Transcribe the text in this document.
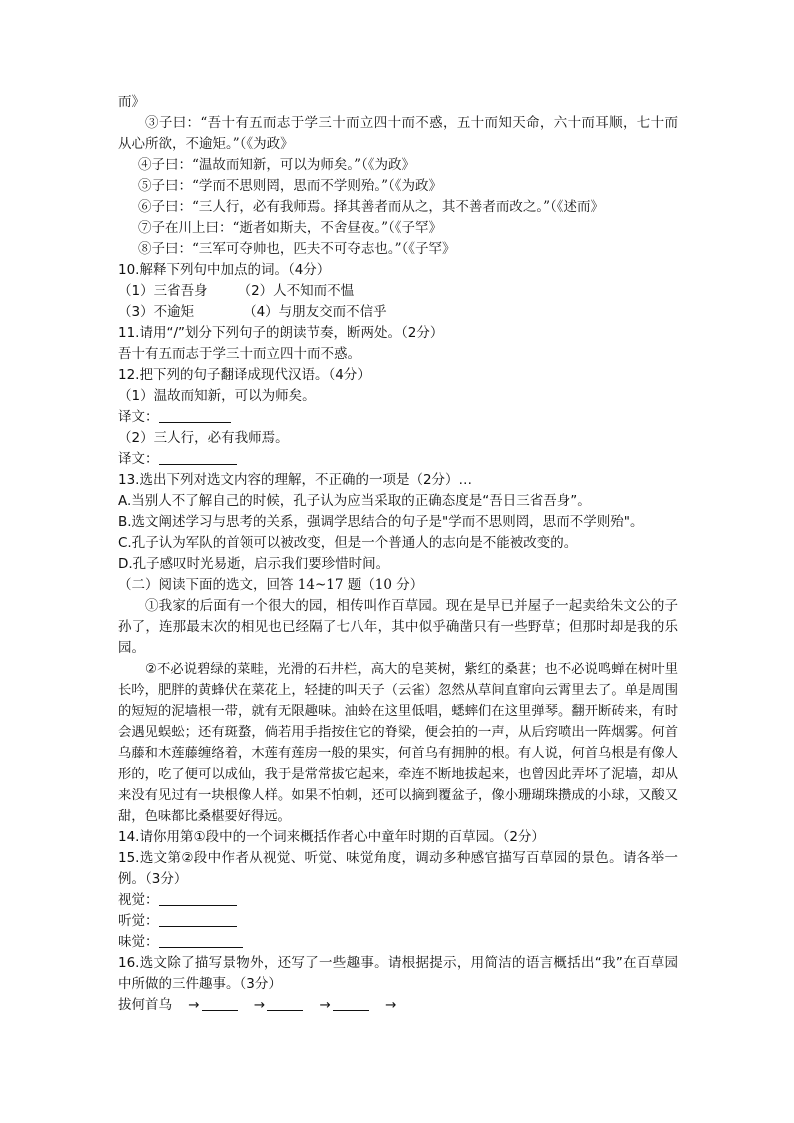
而》
③子曰：“吾十有五而志于学三十而立四十而不惑，五十而知天命，六十而耳顺，七十而从心所欲，不逾矩。”（《为政》
④子曰：“温故而知新，可以为师矣。”（《为政》
⑤子曰：“学而不思则罔，思而不学则殆。”（《为政》
⑥子曰：“三人行，必有我师焉。择其善者而从之，其不善者而改之。”（《述而》
⑦子在川上曰：“逝者如斯夫，不舍昼夜。”（《子罕》
⑧子曰：“三军可夺帅也，匹夫不可夺志也。”（《子罕》
10.解释下列句中加点的词。（4分）
（1）三省吾身 （2）人不知而不愠
（3）不逾矩	（4）与朋友交而不信乎
11.请用“/”划分下列句子的朗读节奏，断两处。（2分）
吾十有五而志于学三十而立四十而不惑。
12.把下列的句子翻译成现代汉语。（4分）
（1）温故而知新，可以为师矣。
译文：
（2）三人行，必有我师焉。
译文：
13.选出下列对选文内容的理解，不正确的一项是（2分）…
A.当别人不了解自己的时候，孔子认为应当采取的正确态度是“吾日三省吾身”。
B.选文阐述学习与思考的关系，强调学思结合的句子是"学而不思则罔，思而不学则殆"。
C.孔子认为军队的首领可以被改变，但是一个普通人的志向是不能被改变的。
D.孔子感叹时光易逝，启示我们要珍惜时间。
（二）阅读下面的选文，回答 14~17 题（10 分）
①我家的后面有一个很大的园，相传叫作百草园。现在是早已并屋子一起卖给朱文公的子孙了，连那最末次的相见也已经隔了七八年，其中似乎确凿只有一些野草；但那时却是我的乐园。
②不必说碧绿的菜畦，光滑的石井栏，高大的皂荚树，紫红的桑葚；也不必说鸣蝉在树叶里长吟，肥胖的黄蜂伏在菜花上，轻捷的叫天子（云雀）忽然从草间直窜向云霄里去了。单是周围的短短的泥墙根一带，就有无限趣味。油蛉在这里低唱，蟋蟀们在这里弹琴。翻开断砖来，有时会遇见蜈蚣；还有斑蝥，倘若用手指按住它的脊梁，便会拍的一声，从后窍喷出一阵烟雾。何首乌藤和木莲藤缠络着，木莲有莲房一般的果实，何首乌有拥肿的根。有人说，何首乌根是有像人形的，吃了便可以成仙，我于是常常拔它起来，牵连不断地拔起来，也曾因此弄坏了泥墙，却从来没有见过有一块根像人样。如果不怕刺，还可以摘到覆盆子，像小珊瑚珠攒成的小球，又酸又甜，色味都比桑椹要好得远。
14.请你用第①段中的一个词来概括作者心中童年时期的百草园。（2分）
15.选文第②段中作者从视觉、听觉、味觉角度，调动多种感官描写百草园的景色。请各举一例。（3分）
视觉：
听觉：
味觉：
16.选文除了描写景物外，还写了一些趣事。请根据提示，用简洁的语言概括出“我”在百草园中所做的三件趣事。（3分）
拔何首乌 →	→	→	→
